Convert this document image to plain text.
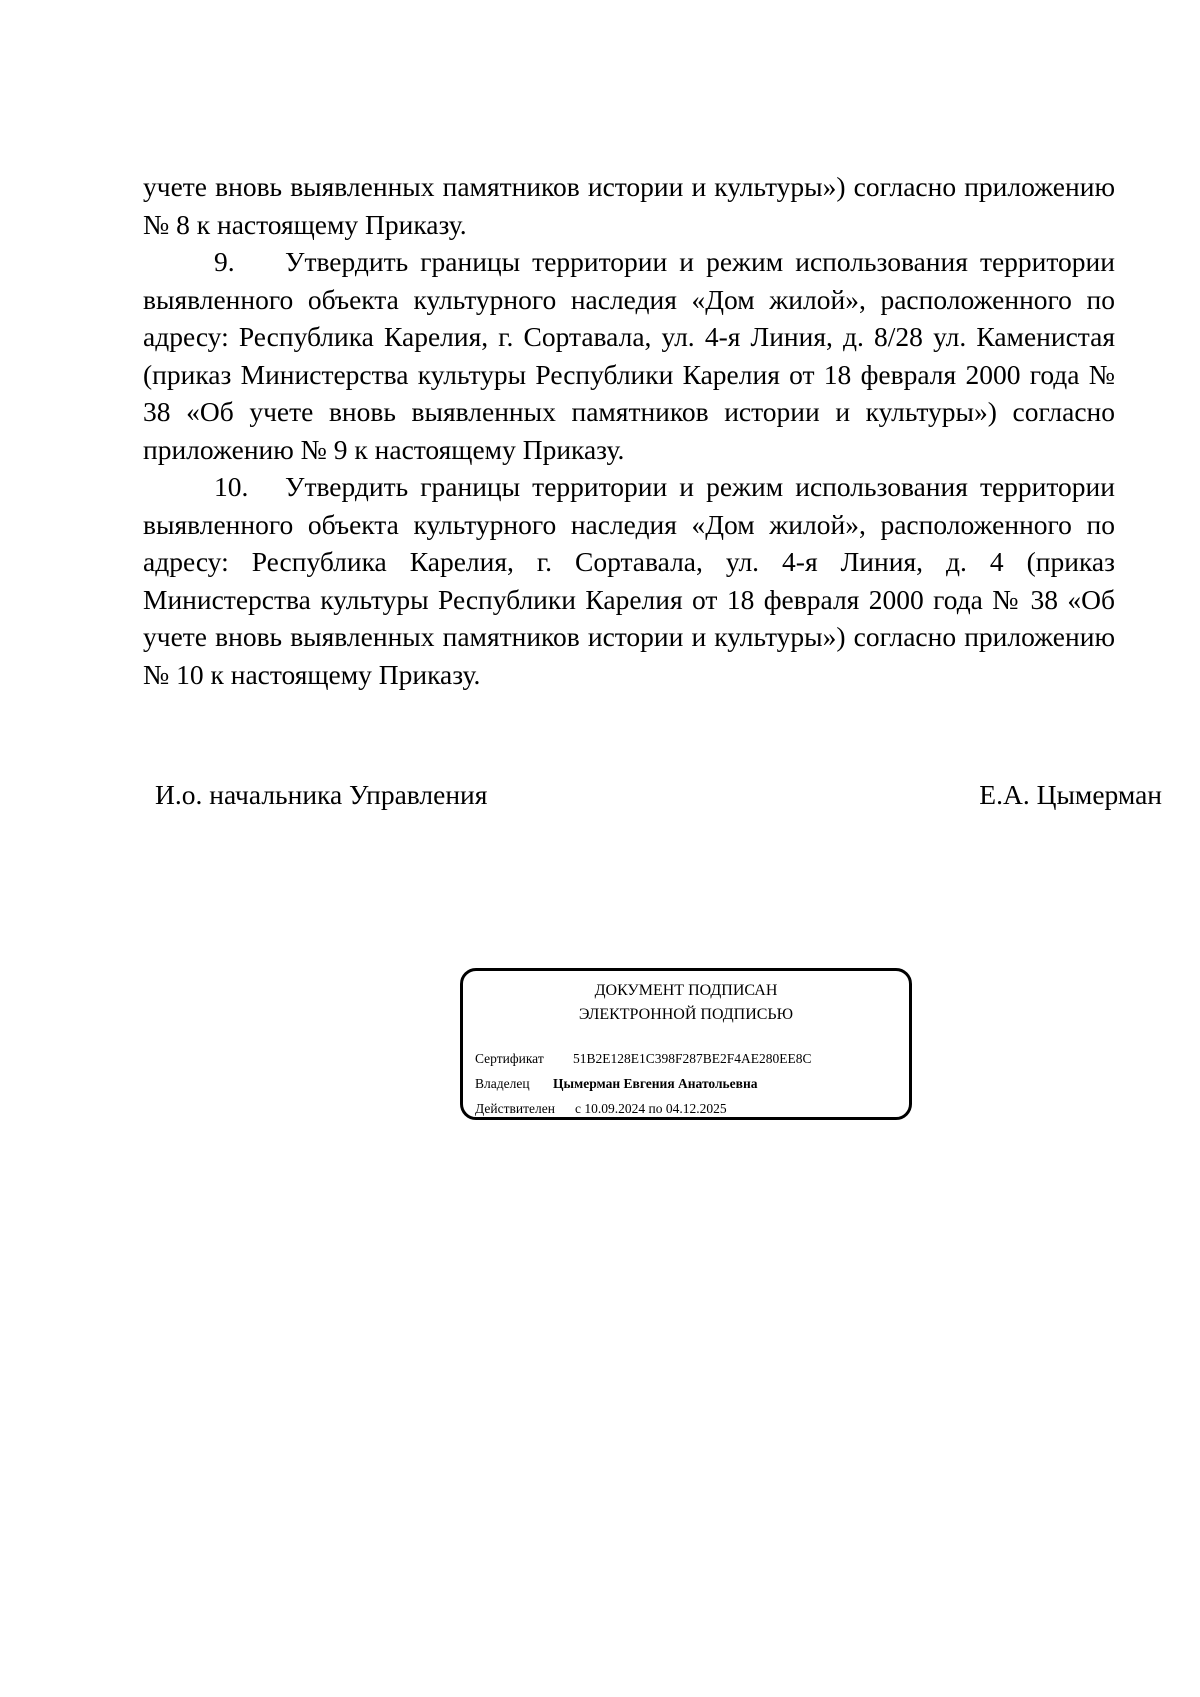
учете вновь выявленных памятников истории и культуры») согласно приложению № 8 к настоящему Приказу.

9. Утвердить границы территории и режим использования территории выявленного объекта культурного наследия «Дом жилой», расположенного по адресу: Республика Карелия, г. Сортавала, ул. 4-я Линия, д. 8/28 ул. Каменистая (приказ Министерства культуры Республики Карелия от 18 февраля 2000 года № 38 «Об учете вновь выявленных памятников истории и культуры») согласно приложению № 9 к настоящему Приказу.

10. Утвердить границы территории и режим использования территории выявленного объекта культурного наследия «Дом жилой», расположенного по адресу: Республика Карелия, г. Сортавала, ул. 4-я Линия, д. 4 (приказ Министерства культуры Республики Карелия от 18 февраля 2000 года № 38 «Об учете вновь выявленных памятников истории и культуры») согласно приложению № 10 к настоящему Приказу.

И.о. начальника Управления	Е.А. Цымерман
ДОКУМЕНТ ПОДПИСАН
ЭЛЕКТРОННОЙ ПОДПИСЬЮ
Сертификат 51B2E128E1C398F287BE2F4AE280EE8C
Владелец Цымерман Евгения Анатольевна
Действителен с 10.09.2024 по 04.12.2025
